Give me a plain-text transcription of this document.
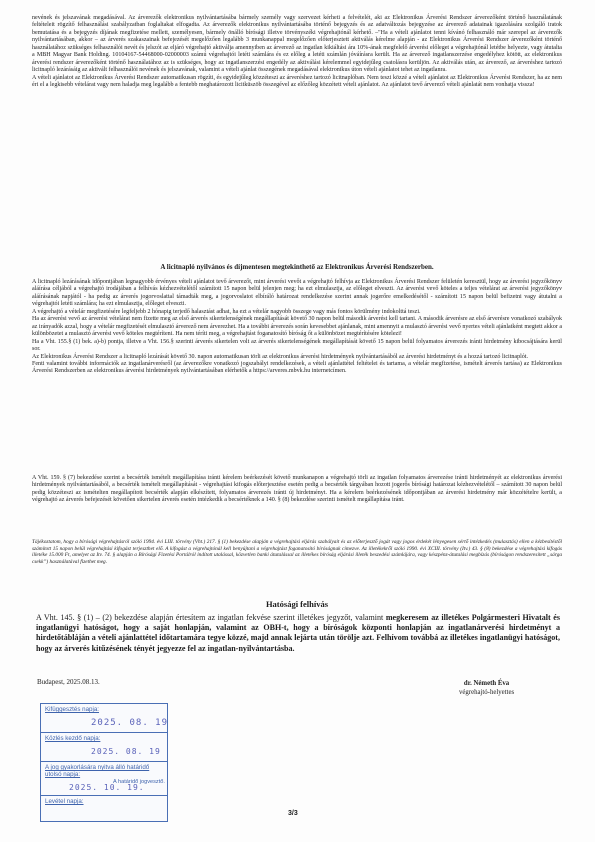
nevének és jelszavának megadásával. Az árverezők elektronikus nyilvántartásába bármely személy vagy szervezet kérheti a felvételét, aki az Elektronikus Árverési Rendszer árverezőként történő használatának feltételeit rögzítő felhasználási szabályzatban foglaltakat elfogadta. Az árverezők elektronikus nyilvántartásába történő bejegyzés és az adatváltozás bejegyzése az árverező adatainak igazolására szolgáló iratok bemutatása és a bejegyzés díjának megfizetése mellett, személyesen, bármely önálló bírósági illetve törvényszéki végrehajtónál kérhető. –"Ha a vételi ajánlatot tenni kívánó felhasználó már szerepel az árverezők nyilvántartásában, akkor – az árverés szakaszainak befejezését megelőzően legalább 3 munkanappal megelőzően előterjesztett aktiválás kérelme alapján - az Elektronikus Árverési Rendszer árverezőként történő használatához szükséges felhasználói nevét és jelszót az eljáró végrehajtó aktiválja amennyiben az árverező az ingatlan kikiáltási ára 10%-ának megfelelő árverési előleget a végrehajtónál letétbe helyezte, vagy átutalta a MBH Magyar Bank Holding. 10104167-54468000-02000003 számú végrehajtói letéti számlára és ez előleg a letéti számlán jóváírásra került. Ha az árverező ingatlanszerzése engedélyhez kötött, az elektronikus árverési rendszer árverezőként történő használatához az is szükséges, hogy az ingatlanszerzési engedély az aktiválási kérelemmel egyidejűleg csatolásra kerüljön. Az aktiválás után, az árverező, az árveréshez tartozó licitnapló lezárásáig az aktivált felhasználói nevének és jelszavának, valamint a vételi ajánlat összegének megadásával elektronikus úton vételi ajánlatot tehet az ingatlanra.

A vételi ajánlatot az Elektronikus Árverési Rendszer automatikusan rögzíti, és egyidejűleg közzéteszi az árveréshez tartozó licitnaplóban. Nem teszi közzé a vételi ajánlatot az Elektronikus Árverési Rendszer, ha az nem éri el a legkisebb vételárat vagy nem haladja meg legalább a fentebb meghatározott licitküszöb összegével az előzőleg közzétett vételi ajánlatot. Az ajánlatot tevő árverező vételi ajánlatát nem vonhatja vissza!

A licitnapló nyilvános és díjmentesen megtekinthető az Elektronikus Árverési Rendszerben.

A licitnapló lezárásának időpontjában legnagyobb érvényes vételi ajánlatot tevő árverezőt, mint árverési vevőt a végrehajtó felhívja az Elektronikus Árverési Rendszer felületén keresztül, hogy az árverési jegyzőkönyv aláírása céljából a végrehajtó irodájában a felhívás kézhezvételétől számított 15 napon belül jelenjen meg; ha ezt elmulasztja, az előleget elveszti. Az árverési vevő köteles a teljes vételárat az árverési jegyzőkönyv aláírásának napjától - ha pedig az árverés jogorvoslattal támadták meg, a jogorvoslatot elbíráló határozat rendelkezése szerint annak jogerőre emelkedésétől - számított 15 napon belül befizetni vagy átutalni a végrehajtói letéti számlára; ha ezt elmulasztja, előleget elveszti.

A végrehajtó a vételár megfizetésére legfeljebb 2 hónapig terjedő halasztást adhat, ha ezt a vételár nagyobb összege vagy más fontos körülmény indokolttá teszi.

Ha az árverési vevő az árverési vételárat nem fizette meg az első árverés sikertelenségének megállapítását követő 30 napon belül második árverést kell tartani. A második árverésre az első árverésre vonatkozó szabályok az irányadók azzal, hogy a vételár megfizetését elmulasztó árverező nem árverezhet. Ha a további árverezés során kevesebbet ajánlanak, mint amennyit a mulasztó árverési vevő nyertes vételi ajánlatként megtett akkor a különbözetet a mulasztó árverési vevő köteles megtéríteni. Ha nem téríti meg, a végrehajtást foganatosító bíróság őt a különbözet megtérítésére kötelezi!

Ha a Vht. 155.§ (1) bek. a)-b) pontja, illetve a Vht. 156.§ szerinti árverés sikertelen volt az árverés sikertelenségének megállapítását követő 15 napon belül folyamatos árverezés iránti hirdetmény kibocsájtására kerül sor.

Az Elektronikus Árverési Rendszer a licitnapló lezárását követő 30. napon automatikusan törli az elektronikus árverési hirdetmények nyilvántartásából az árverési hirdetményt és a hozzá tartozó licitnaplót.

Fenti valamint további információk az ingatlanárverésről (az árverezőkre vonatkozó jogszabályi rendelkezések, a vételi ajánlattétel feltételei és tartama, a vételár megfizetése, ismételt árverés tartása) az Elektronikus Árverési Rendszerben az elektronikus árverési hirdetmények nyilvántartásában elérhetők a https://arveres.mbvk.hu internetcímen.

A Vht. 159. § (7) bekezdése szerint a becsérték ismételt megállapítása iránti kérelem beérkezését követő munkanapon a végrehajtó törli az ingatlan folyamatos árverezése iránti hirdetményét az elektronikus árverési hirdetmények nyilvántartásából, a becsérték ismételt megállapítását - végrehajtási kifogás előterjesztése esetén pedig a becsérték tárgyában hozott jogerős bírósági határozat kézhezvételétől – számított 30 napon belül pedig közzéteszi az ismételten megállapított becsérték alapján elkészített, folyamatos árverezés iránti új hirdetményt. Ha a kérelem beérkezésének időpontjában az árverési hirdetmény már közzétételre került, a végrehajtó az árverés befejezését követően sikertelen árverés esetén intézkedik a becsértéknek a 140. § (8) bekezdése szerinti ismételt megállapítása iránt.

Tájékoztatom, hogy a bírósági végrehajtásról szóló 1994. évi LIII. törvény (Vht.) 217. § (1) bekezdése alapján a végrehajtási eljárás szabályait és az előterjesztő jogát vagy jogos érdekét lényegesen sértő intézkedés (mulasztás) ellen a kézbesítéstől számított 15 napon belül végrehajtási kifogást terjeszthet elő. A kifogást a végrehajtónál kell benyújtani a végrehajtást foganatosító bíróságnak címezve. Az illetékekről szóló 1990. évi XCIII. törvény (Itv.) 43. § (8) bekezdése a végrehajtási kifogás illetéke 15.000 Ft, amelyet az Itv. 74. § alapján a Bírósági Fizetési Portálról indított utalással, közvetlen banki átutalással az illetékes bíróság eljárási illeték beszedési számlájára, vagy készpénz-átutalási megbízás (bíróságon rendszeresített „sárga csekk”) használatával fizethet meg.

Hatósági felhívás

A Vht. 145. § (1) – (2) bekezdése alapján értesítem az ingatlan fekvése szerint illetékes jegyzőt, valamint megkeresem az illetékes Polgármesteri Hivatalt és ingatlanügyi hatóságot, hogy a saját honlapján, valamint az OBH-t, hogy a bíróságok központi honlapján az ingatlanárverési hirdetményt a hirdetőtábláján a vételi ajánlattétel időtartamára tegye közzé, majd annak lejárta után törölje azt. Felhívom továbbá az illetékes ingatlanügyi hatóságot, hogy az árverés kitűzésének tényét jegyezze fel az ingatlan-nyilvántartásba.

Budapest, 2025.08.13.	dr. Németh Éva
végrehajtó-helyettes
Kifüggesztés napja:
2025. 08. 19
Közlés kezdő napja:
2025. 08. 19
A jog gyakorlására nyitva álló határidő utolsó napja:
2025. 10. 19.
A határidő jogvesztő.
Levétel napja:
3/3
